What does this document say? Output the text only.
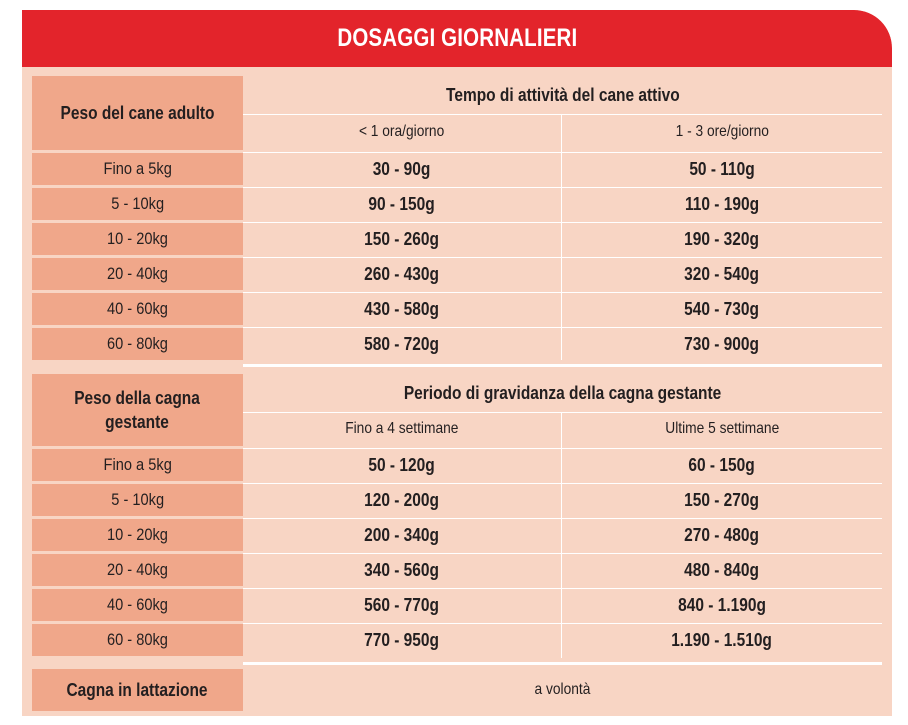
DOSAGGI GIORNALIERI
Peso del cane adulto
Tempo di attività del cane attivo
< 1 ora/giorno	1 - 3 ore/giorno
Peso della cagna
gestante
Periodo di gravidanza della cagna gestante
Fino a 4 settimane	Ultime 5 settimane
Cagna in lattazione	a volontà
Fino a 5kg	30 - 90g	50 - 110g
5 - 10kg	90 - 150g	110 - 190g
10 - 20kg	150 - 260g	190 - 320g
20 - 40kg	260 - 430g	320 - 540g
40 - 60kg	430 - 580g	540 - 730g
60 - 80kg	580 - 720g	730 - 900g
Fino a 5kg	50 - 120g	60 - 150g
5 - 10kg	120 - 200g	150 - 270g
10 - 20kg	200 - 340g	270 - 480g
20 - 40kg	340 - 560g	480 - 840g
40 - 60kg	560 - 770g	840 - 1.190g
60 - 80kg	770 - 950g	1.190 - 1.510g
